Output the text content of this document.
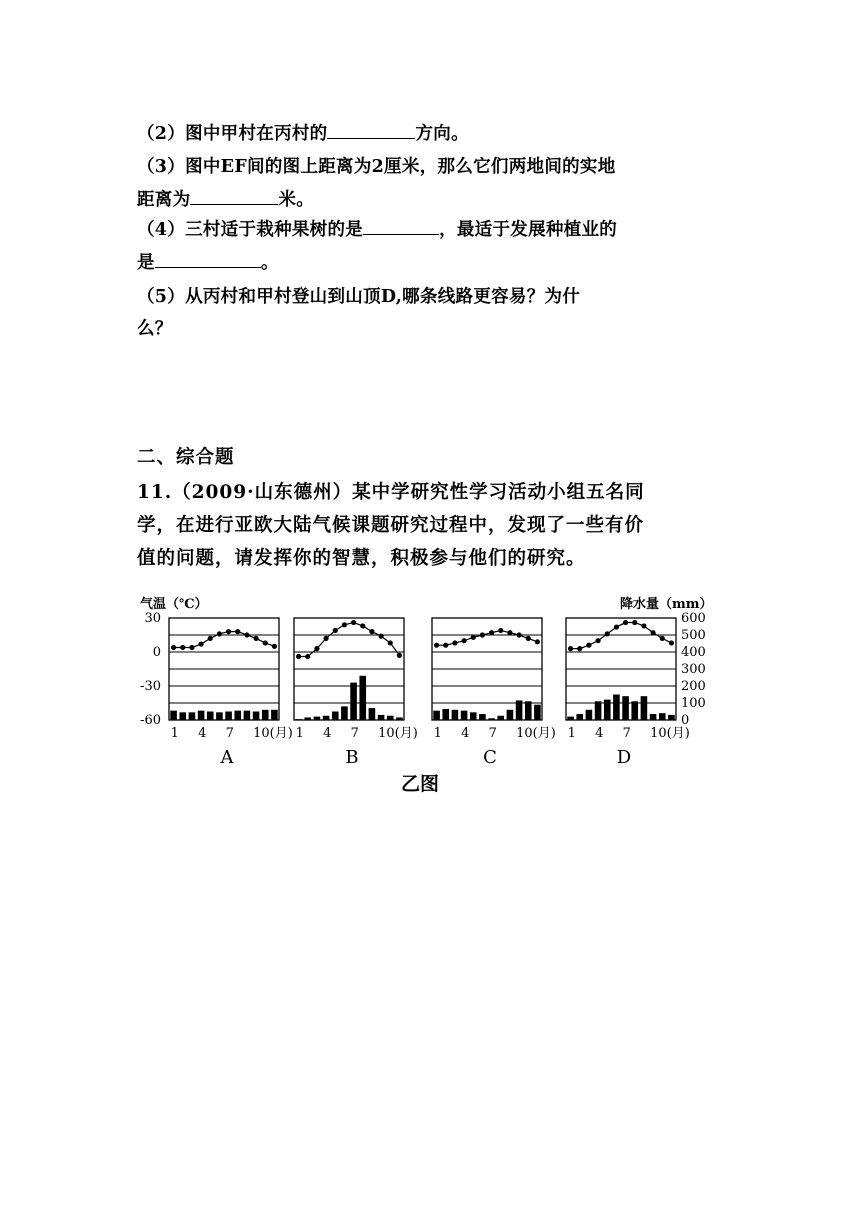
（2）图中甲村在丙村的	方向。
（3）图中EF间的图上距离为2厘米，那么它们两地间的实地
距离为	米。
（4）三村适于栽种果树的是	，最适于发展种植业的
是	。
（5）从丙村和甲村登山到山顶D,哪条线路更容易？为什
么？
二、综合题
11.（2009·山东德州）某中学研究性学习活动小组五名同
学，在进行亚欧大陆气候课题研究过程中，发现了一些有价
值的问题，请发挥你的智慧，积极参与他们的研究。
气温（℃）	降水量（mm）
30
0
-30
-60
600
500
400
300
200
100
0
1 4 7 10(月)
A
1 4 7 10(月)
B
1 4 7 10(月)
C
1 4 7 10(月)
D
乙图
